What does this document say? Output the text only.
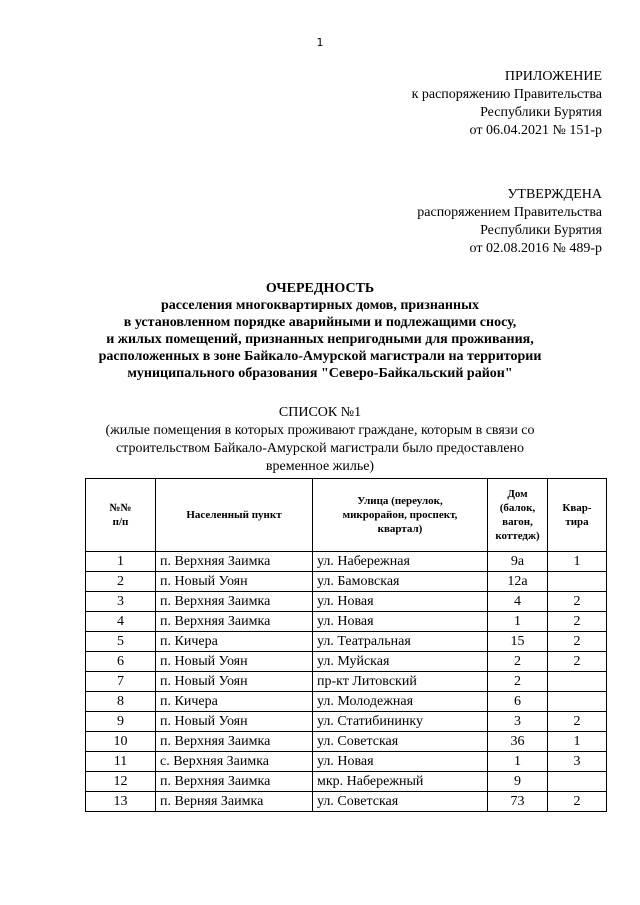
1
ПРИЛОЖЕНИЕ
к распоряжению Правительства
Республики Бурятия
от 06.04.2021 № 151-р
УТВЕРЖДЕНА
распоряжением Правительства
Республики Бурятия
от 02.08.2016 № 489-р
ОЧЕРЕДНОСТЬ
расселения многоквартирных домов, признанных
в установленном порядке аварийными и подлежащими сносу,
и жилых помещений, признанных непригодными для проживания,
расположенных в зоне Байкало-Амурской магистрали на территории
муниципального образования "Северо-Байкальский район"
СПИСОК №1
(жилые помещения в которых проживают граждане, которым в связи со
строительством Байкало-Амурской магистрали было предоставлено
временное жилье)
№№
п/п	Населенный пункт	Улица (переулок,
микрорайон, проспект,
квартал)	Дом
(балок,
вагон,
коттедж)	Квар-
тира
1	п. Верхняя Заимка	ул. Набережная	9а	1
2	п. Новый Уоян	ул. Бамовская	12а	
3	п. Верхняя Заимка	ул. Новая	4	2
4	п. Верхняя Заимка	ул. Новая	1	2
5	п. Кичера	ул. Театральная	15	2
6	п. Новый Уоян	ул. Муйская	2	2
7	п. Новый Уоян	пр-кт Литовский	2	
8	п. Кичера	ул. Молодежная	6	
9	п. Новый Уоян	ул. Статибининку	3	2
10	п. Верхняя Заимка	ул. Советская	36	1
11	с. Верхняя Заимка	ул. Новая	1	3
12	п. Верхняя Заимка	мкр. Набережный	9	
13	п. Верняя Заимка	ул. Советская	73	2
